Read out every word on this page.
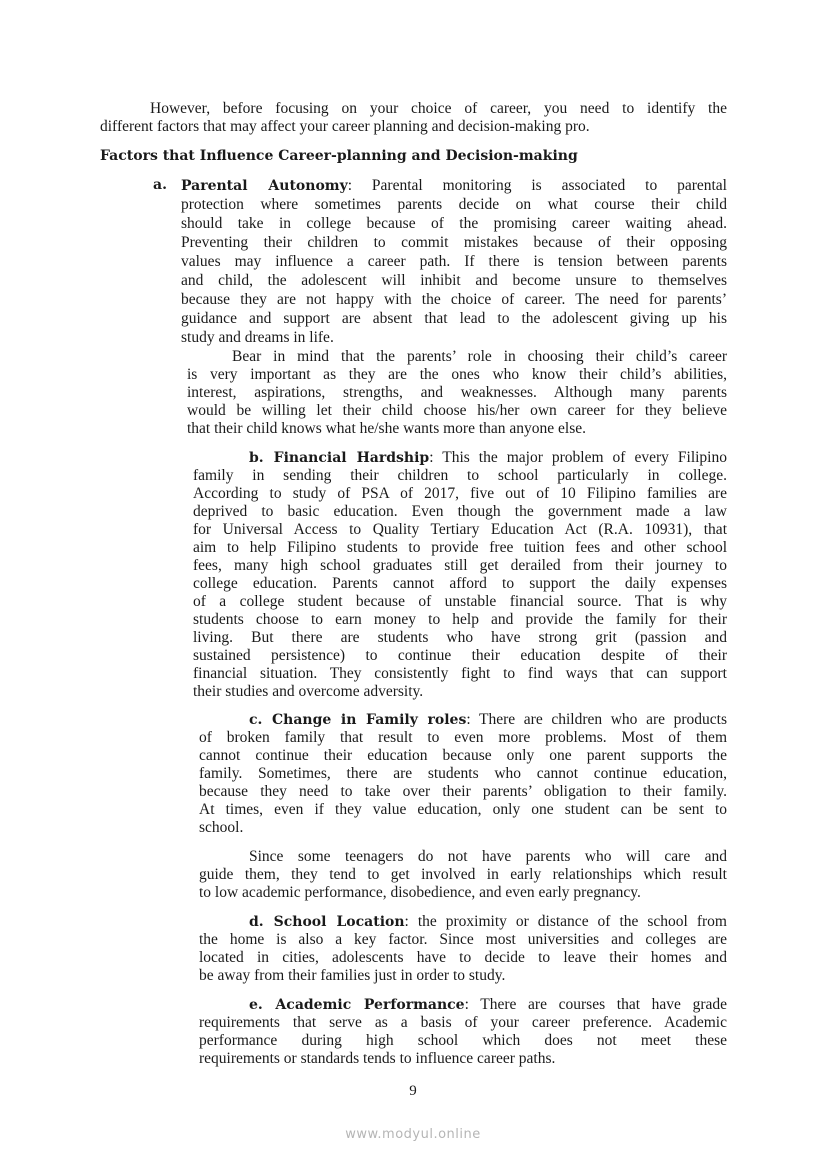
However, before focusing on your choice of career, you need to identify the
different factors that may affect your career planning and decision-making pro.
Factors that Influence Career-planning and Decision-making
a. Parental Autonomy: Parental monitoring is associated to parental
protection where sometimes parents decide on what course their child
should take in college because of the promising career waiting ahead.
Preventing their children to commit mistakes because of their opposing
values may influence a career path. If there is tension between parents
and child, the adolescent will inhibit and become unsure to themselves
because they are not happy with the choice of career. The need for parents’
guidance and support are absent that lead to the adolescent giving up his
study and dreams in life.
Bear in mind that the parents’ role in choosing their child’s career
is very important as they are the ones who know their child’s abilities,
interest, aspirations, strengths, and weaknesses. Although many parents
would be willing let their child choose his/her own career for they believe
that their child knows what he/she wants more than anyone else.
b. Financial Hardship: This the major problem of every Filipino
family in sending their children to school particularly in college.
According to study of PSA of 2017, five out of 10 Filipino families are
deprived to basic education. Even though the government made a law
for Universal Access to Quality Tertiary Education Act (R.A. 10931), that
aim to help Filipino students to provide free tuition fees and other school
fees, many high school graduates still get derailed from their journey to
college education. Parents cannot afford to support the daily expenses
of a college student because of unstable financial source. That is why
students choose to earn money to help and provide the family for their
living. But there are students who have strong grit (passion and
sustained persistence) to continue their education despite of their
financial situation. They consistently fight to find ways that can support
their studies and overcome adversity.
c. Change in Family roles: There are children who are products
of broken family that result to even more problems. Most of them
cannot continue their education because only one parent supports the
family. Sometimes, there are students who cannot continue education,
because they need to take over their parents’ obligation to their family.
At times, even if they value education, only one student can be sent to
school.
Since some teenagers do not have parents who will care and
guide them, they tend to get involved in early relationships which result
to low academic performance, disobedience, and even early pregnancy.
d. School Location: the proximity or distance of the school from
the home is also a key factor. Since most universities and colleges are
located in cities, adolescents have to decide to leave their homes and
be away from their families just in order to study.
e. Academic Performance: There are courses that have grade
requirements that serve as a basis of your career preference. Academic
performance during high school which does not meet these
requirements or standards tends to influence career paths.
9
www.modyul.online
